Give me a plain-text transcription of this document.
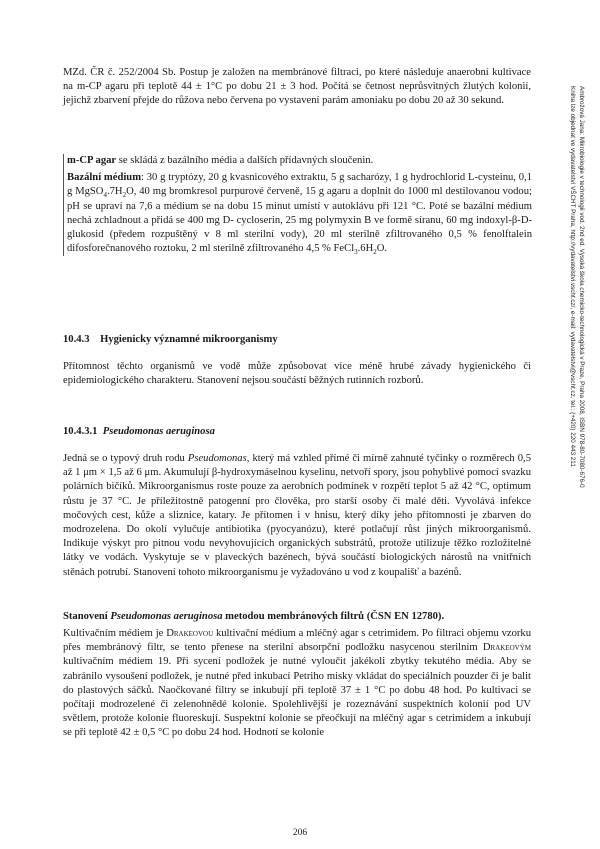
MZd. ČR č. 252/2004 Sb. Postup je založen na membránové filtraci, po které následuje anaerobní kultivace na m-CP agaru při teplotě 44 ± 1°C po dobu 21 ± 3 hod. Počítá se četnost neprůsvitných žlutých kolonií, jejichž zbarvení přejde do růžova nebo červena po vystavení parám amoniaku po dobu 20 až 30 sekund.

m-CP agar se skládá z bazálního média a dalších přídavných sloučenin.

Bazální médium: 30 g tryptózy, 20 g kvasnicového extraktu, 5 g sacharózy, 1 g hydrochlorid L-cysteinu, 0,1 g $MgSO_4.7H_2O$, 40 mg bromkresol purpurové červeně, 15 g agaru a doplnit do 1000 ml destilovanou vodou; pH se upraví na 7,6 a médium se na dobu 15 minut umístí v autoklávu při 121 °C. Poté se bazální médium nechá zchladnout a přidá se 400 mg D- cycloserin, 25 mg polymyxin B ve formě síranu, 60 mg indoxyl-β-D-glukosid (předem rozpuštěný v 8 ml sterilní vody), 20 ml sterilně zfiltrovaného 0,5 % fenolftalein difosforečnanového roztoku, 2 ml sterilně zfiltrovaného 4,5 % $FeCl_3.6H_2O$.

10.4.3    Hygienicky významné mikroorganismy

Přítomnost těchto organismů ve vodě může způsobovat více méně hrubé závady hygienického či epidemiologického charakteru. Stanovení nejsou součástí běžných rutinních rozborů.

10.4.3.1  Pseudomonas aeruginosa

Jedná se o typový druh rodu Pseudomonas, který má vzhled přímé či mírně zahnuté tyčinky o rozměrech 0,5 až 1 μm × 1,5 až 6 μm. Akumulují β-hydroxymáselnou kyselinu, netvoří spory, jsou pohyblivé pomocí svazku polárních bičíků. Mikroorganismus roste pouze za aerobních podmínek v rozpětí teplot 5 až 42 °C, optimum růstu je 37 °C. Je příležitostně patogenní pro člověka, pro starší osoby či malé děti. Vyvolává infekce močových cest, kůže a sliznice, katary. Je přítomen i v hnisu, který díky jeho přítomnosti je zbarven do modrozelena. Do okolí vylučuje antibiotika (pyocyanózu), které potlačují růst jiných mikroorganismů. Indikuje výskyt pro pitnou vodu nevyhovujících organických substrátů, protože utilizuje těžko rozložitelné látky ve vodách. Vyskytuje se v plaveckých bazénech, bývá součástí biologických nárostů na vnitřních stěnách potrubí. Stanovení tohoto mikroorganismu je vyžadováno u vod z koupališť a bazénů.

Stanovení Pseudomonas aeruginosa metodou membránových filtrů (ČSN EN 12780).

Kultivačním médiem je Drakeovou kultivační médium a mléčný agar s cetrimidem. Po filtraci objemu vzorku přes membránový filtr, se tento přenese na sterilní absorpční podložku nasycenou sterilním Drakeovým kultivačním médiem 19. Při sycení podložek je nutné vyloučit jakékoli zbytky tekutého média. Aby se zabránilo vysoušení podložek, je nutné před inkubací Petriho misky vkládat do speciálních pouzder či je balit do plastových sáčků. Naočkované filtry se inkubují při teplotě 37 ± 1 °C po dobu 48 hod. Po kultivaci se počítají modrozelené či zelenohnědé kolonie. Spolehlivější je rozeznávání suspektních kolonií pod UV světlem, protože kolonie fluoreskují. Suspektní kolonie se přeočkují na mléčný agar s cetrimidem a inkubují se při teplotě 42 ± 0,5 °C po dobu 24 hod. Hodnotí se kolonie

Ambrožová Jana: Mikrobiologie v technologii vod. 2nd ed. Vysoká škola chemicko-technologická v Praze, Praha 2008, ISBN 978-80-7080-676-0
Kniha lze objednat ve vydavatelství VŠCHT Praha, http://vydavatelstvi.vscht.cz/, e-mail: vydavatelstvi@vscht.cz, tel.: (+420) 220 443 211
206
